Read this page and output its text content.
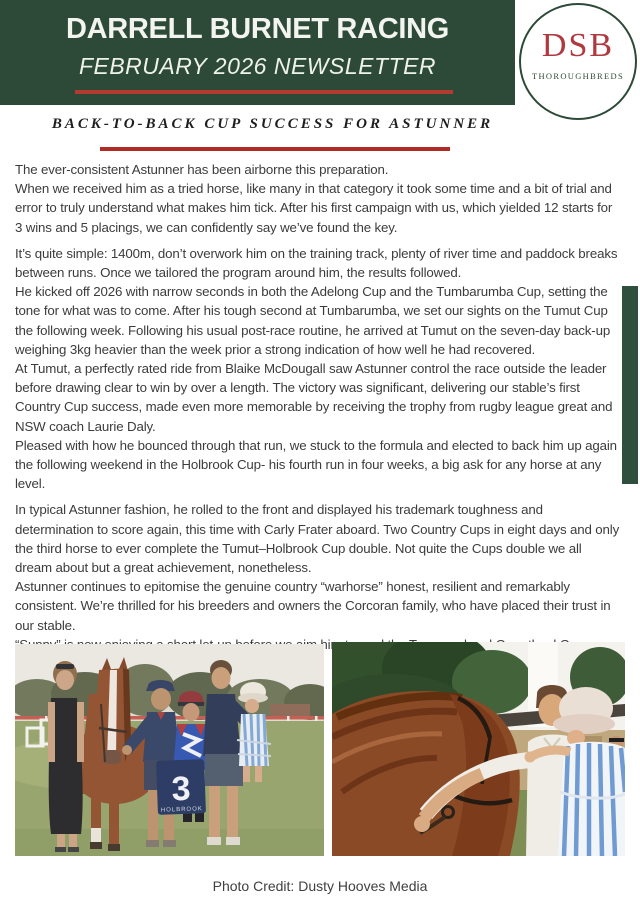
DARRELL BURNET RACING
FEBRUARY 2026 NEWSLETTER
DSB
THOROUGHBREDS
BACK-TO-BACK CUP SUCCESS FOR ASTUNNER

The ever-consistent Astunner has been airborne this preparation.

When we received him as a tried horse, like many in that category it took some time and a bit of trial and error to truly understand what makes him tick. After his first campaign with us, which yielded 12 starts for 3 wins and 5 placings, we can confidently say we’ve found the key.

It’s quite simple: 1400m, don’t overwork him on the training track, plenty of river time and paddock breaks between runs. Once we tailored the program around him, the results followed.

He kicked off 2026 with narrow seconds in both the Adelong Cup and the Tumbarumba Cup, setting the tone for what was to come. After his tough second at Tumbarumba, we set our sights on the Tumut Cup the following week. Following his usual post-race routine, he arrived at Tumut on the seven-day back-up weighing 3kg heavier than the week prior a strong indication of how well he had recovered.

At Tumut, a perfectly rated ride from Blaike McDougall saw Astunner control the race outside the leader before drawing clear to win by over a length. The victory was significant, delivering our stable’s first Country Cup success, made even more memorable by receiving the trophy from rugby league great and NSW coach Laurie Daly.

Pleased with how he bounced through that run, we stuck to the formula and elected to back him up again the following weekend in the Holbrook Cup- his fourth run in four weeks, a big ask for any horse at any level.

In typical Astunner fashion, he rolled to the front and displayed his trademark toughness and determination to score again, this time with Carly Frater aboard. Two Country Cups in eight days and only the third horse to ever complete the Tumut–Holbrook Cup double. Not quite the Cups double we all dream about but a great achievement, nonetheless.

Astunner continues to epitomise the genuine country “warhorse” honest, resilient and remarkably consistent. We’re thrilled for his breeders and owners the Corcoran family, who have placed their trust in our stable.

him

3
HOLBROOK
Photo Credit: Dusty Hooves Media
